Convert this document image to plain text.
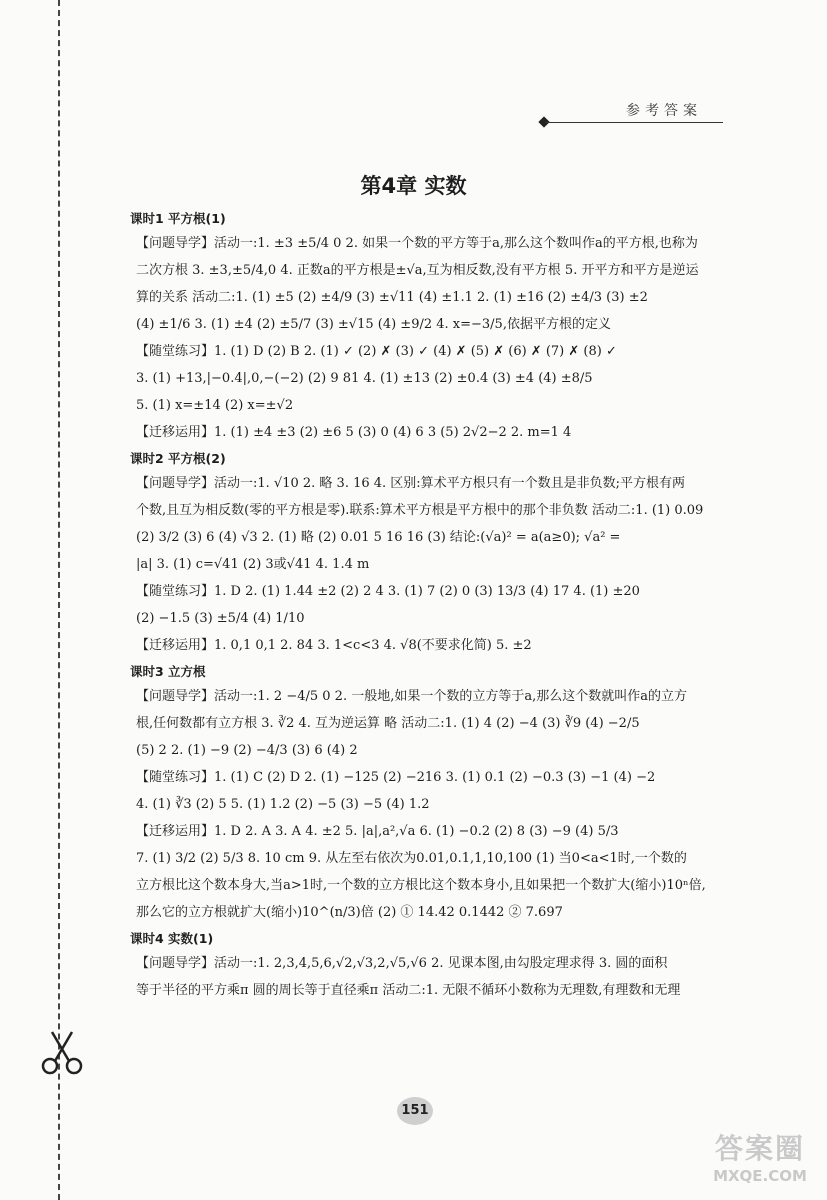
参考答案
第4章 实数
课时1 平方根(1)
【问题导学】活动一:1. ±3 ±5/4 0 2. 如果一个数的平方等于a,那么这个数叫作a的平方根,也称为
二次方根 3. ±3,±5/4,0 4. 正数a的平方根是±√a,互为相反数,没有平方根 5. 开平方和平方是逆运
算的关系 活动二:1. (1) ±5 (2) ±4/9 (3) ±√11 (4) ±1.1 2. (1) ±16 (2) ±4/3 (3) ±2
(4) ±1/6 3. (1) ±4 (2) ±5/7 (3) ±√15 (4) ±9/2 4. x=−3/5,依据平方根的定义
【随堂练习】1. (1) D (2) B 2. (1) ✓ (2) ✗ (3) ✓ (4) ✗ (5) ✗ (6) ✗ (7) ✗ (8) ✓
3. (1) +13,|−0.4|,0,−(−2) (2) 9 81 4. (1) ±13 (2) ±0.4 (3) ±4 (4) ±8/5
5. (1) x=±14 (2) x=±√2
【迁移运用】1. (1) ±4 ±3 (2) ±6 5 (3) 0 (4) 6 3 (5) 2√2−2 2. m=1 4
课时2 平方根(2)
【问题导学】活动一:1. √10 2. 略 3. 16 4. 区别:算术平方根只有一个数且是非负数;平方根有两
个数,且互为相反数(零的平方根是零).联系:算术平方根是平方根中的那个非负数 活动二:1. (1) 0.09
(2) 3/2 (3) 6 (4) √3 2. (1) 略 (2) 0.01 5 16 16 (3) 结论:(√a)² = a(a≥0); √a² =
|a| 3. (1) c=√41 (2) 3或√41 4. 1.4 m
【随堂练习】1. D 2. (1) 1.44 ±2 (2) 2 4 3. (1) 7 (2) 0 (3) 13/3 (4) 17 4. (1) ±20
(2) −1.5 (3) ±5/4 (4) 1/10
【迁移运用】1. 0,1 0,1 2. 84 3. 1<c<3 4. √8(不要求化简) 5. ±2
课时3 立方根
【问题导学】活动一:1. 2 −4/5 0 2. 一般地,如果一个数的立方等于a,那么这个数就叫作a的立方
根,任何数都有立方根 3. ∛2 4. 互为逆运算 略 活动二:1. (1) 4 (2) −4 (3) ∛9 (4) −2/5
(5) 2 2. (1) −9 (2) −4/3 (3) 6 (4) 2
【随堂练习】1. (1) C (2) D 2. (1) −125 (2) −216 3. (1) 0.1 (2) −0.3 (3) −1 (4) −2
4. (1) ∛3 (2) 5 5. (1) 1.2 (2) −5 (3) −5 (4) 1.2
【迁移运用】1. D 2. A 3. A 4. ±2 5. |a|,a²,√a 6. (1) −0.2 (2) 8 (3) −9 (4) 5/3
7. (1) 3/2 (2) 5/3 8. 10 cm 9. 从左至右依次为0.01,0.1,1,10,100 (1) 当0<a<1时,一个数的
立方根比这个数本身大,当a>1时,一个数的立方根比这个数本身小,且如果把一个数扩大(缩小)10ⁿ倍,
那么它的立方根就扩大(缩小)10^(n/3)倍 (2) ① 14.42 0.1442 ② 7.697
课时4 实数(1)
【问题导学】活动一:1. 2,3,4,5,6,√2,√3,2,√5,√6 2. 见课本图,由勾股定理求得 3. 圆的面积
等于半径的平方乘π 圆的周长等于直径乘π 活动二:1. 无限不循环小数称为无理数,有理数和无理
151
答案圈
MXQE.COM
